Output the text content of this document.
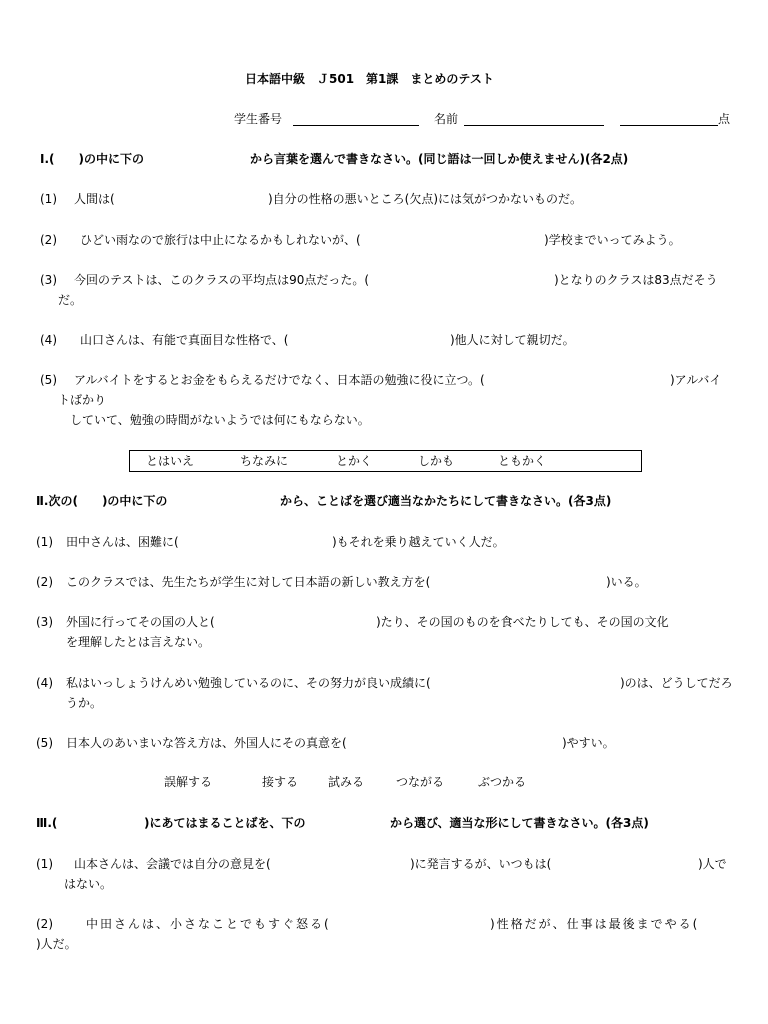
日本語中級　Ｊ501　第1課　まとめのテスト
学生番号	名前	点
Ⅰ.(　　)の中に下の	から言葉を選んで書きなさい。(同じ語は一回しか使えません)(各2点)
(1) 人間は(	)自分の性格の悪いところ(欠点)には気がつかないものだ。
(2) ひどい雨なので旅行は中止になるかもしれないが、(	)学校までいってみよう。
(3) 今回のテストは、このクラスの平均点は90点だった。(	)となりのクラスは83点だそう
だ。
(4) 山口さんは、有能で真面目な性格で、(	)他人に対して親切だ。
(5) アルバイトをするとお金をもらえるだけでなく、日本語の勉強に役に立つ。(	)アルバイ
トばかり
していて、勉強の時間がないようでは何にもならない。
とはいえ	ちなみに	とかく	しかも	ともかく
Ⅱ.次の(　　)の中に下の	から、ことばを選び適当なかたちにして書きなさい。(各3点)
(1) 田中さんは、困難に(	)もそれを乗り越えていく人だ。
(2) このクラスでは、先生たちが学生に対して日本語の新しい教え方を(	)いる。
(3) 外国に行ってその国の人と(	)たり、その国のものを食べたりしても、その国の文化
を理解したとは言えない。
(4) 私はいっしょうけんめい勉強しているのに、その努力が良い成績に(	)のは、どうしてだろ
うか。
(5) 日本人のあいまいな答え方は、外国人にその真意を(	)やすい。
誤解する	接する 試みる	つながる	ぶつかる
Ⅲ.(	)にあてはまることばを、下の	から選び、適当な形にして書きなさい。(各3点)
(1) 山本さんは、会議では自分の意見を(	)に発言するが、いつもは(	)人で
はない。
(2)	中田さんは、小さなことでもすぐ怒る(	)性格だが、仕事は最後までやる(
)人だ。
